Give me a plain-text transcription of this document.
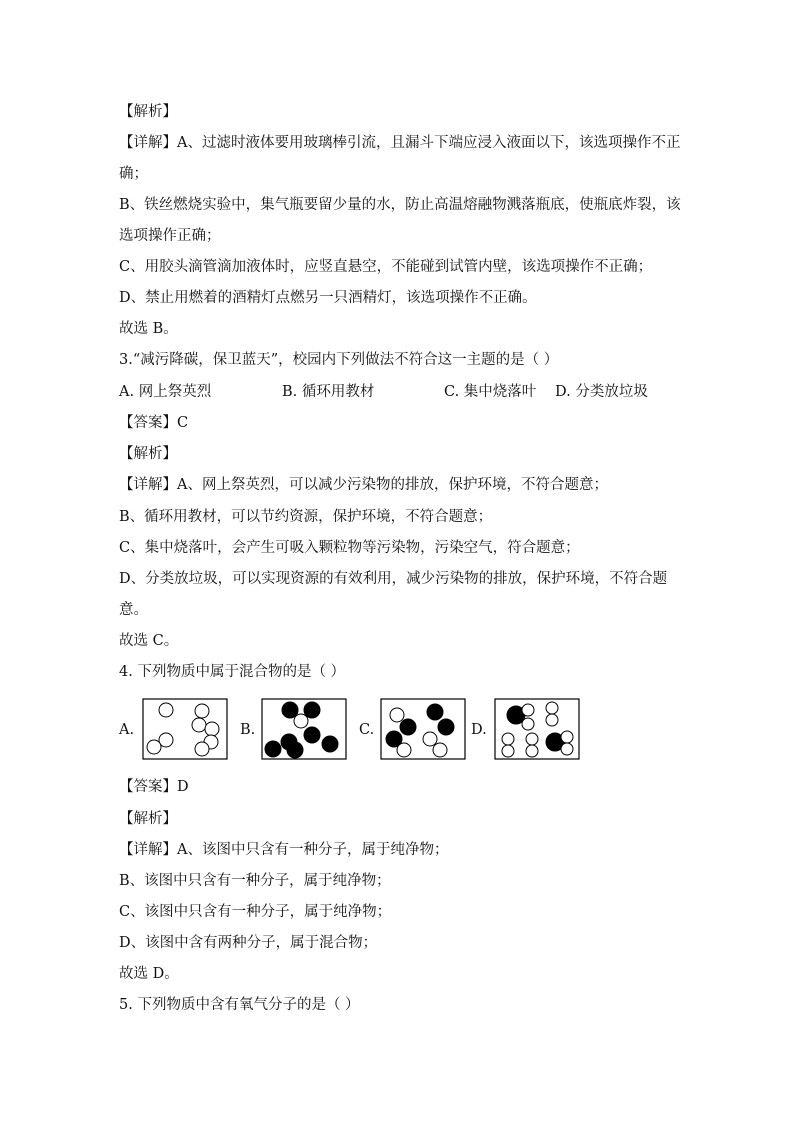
【解析】
【详解】A、过滤时液体要用玻璃棒引流，且漏斗下端应浸入液面以下，该选项操作不正
确；
B、铁丝燃烧实验中，集气瓶要留少量的水，防止高温熔融物溅落瓶底，使瓶底炸裂，该
选项操作正确；
C、用胶头滴管滴加液体时，应竖直悬空，不能碰到试管内壁，该选项操作不正确；
D、禁止用燃着的酒精灯点燃另一只酒精灯，该选项操作不正确。
故选 B。
3.“减污降碳，保卫蓝天”，校园内下列做法不符合这一主题的是（ ）
A. 网上祭英烈	B. 循环用教材	C. 集中烧落叶 D. 分类放垃圾
【答案】C
【解析】
【详解】A、网上祭英烈，可以减少污染物的排放，保护环境，不符合题意；
B、循环用教材，可以节约资源，保护环境，不符合题意；
C、集中烧落叶，会产生可吸入颗粒物等污染物，污染空气，符合题意；
D、分类放垃圾，可以实现资源的有效利用，减少污染物的排放，保护环境，不符合题
意。
故选 C。
4. 下列物质中属于混合物的是（ ）
A.	B.	C.	D.
【答案】D
【解析】
【详解】A、该图中只含有一种分子，属于纯净物；
B、该图中只含有一种分子，属于纯净物；
C、该图中只含有一种分子，属于纯净物；
D、该图中含有两种分子，属于混合物；
故选 D。
5. 下列物质中含有氧气分子的是（ ）
